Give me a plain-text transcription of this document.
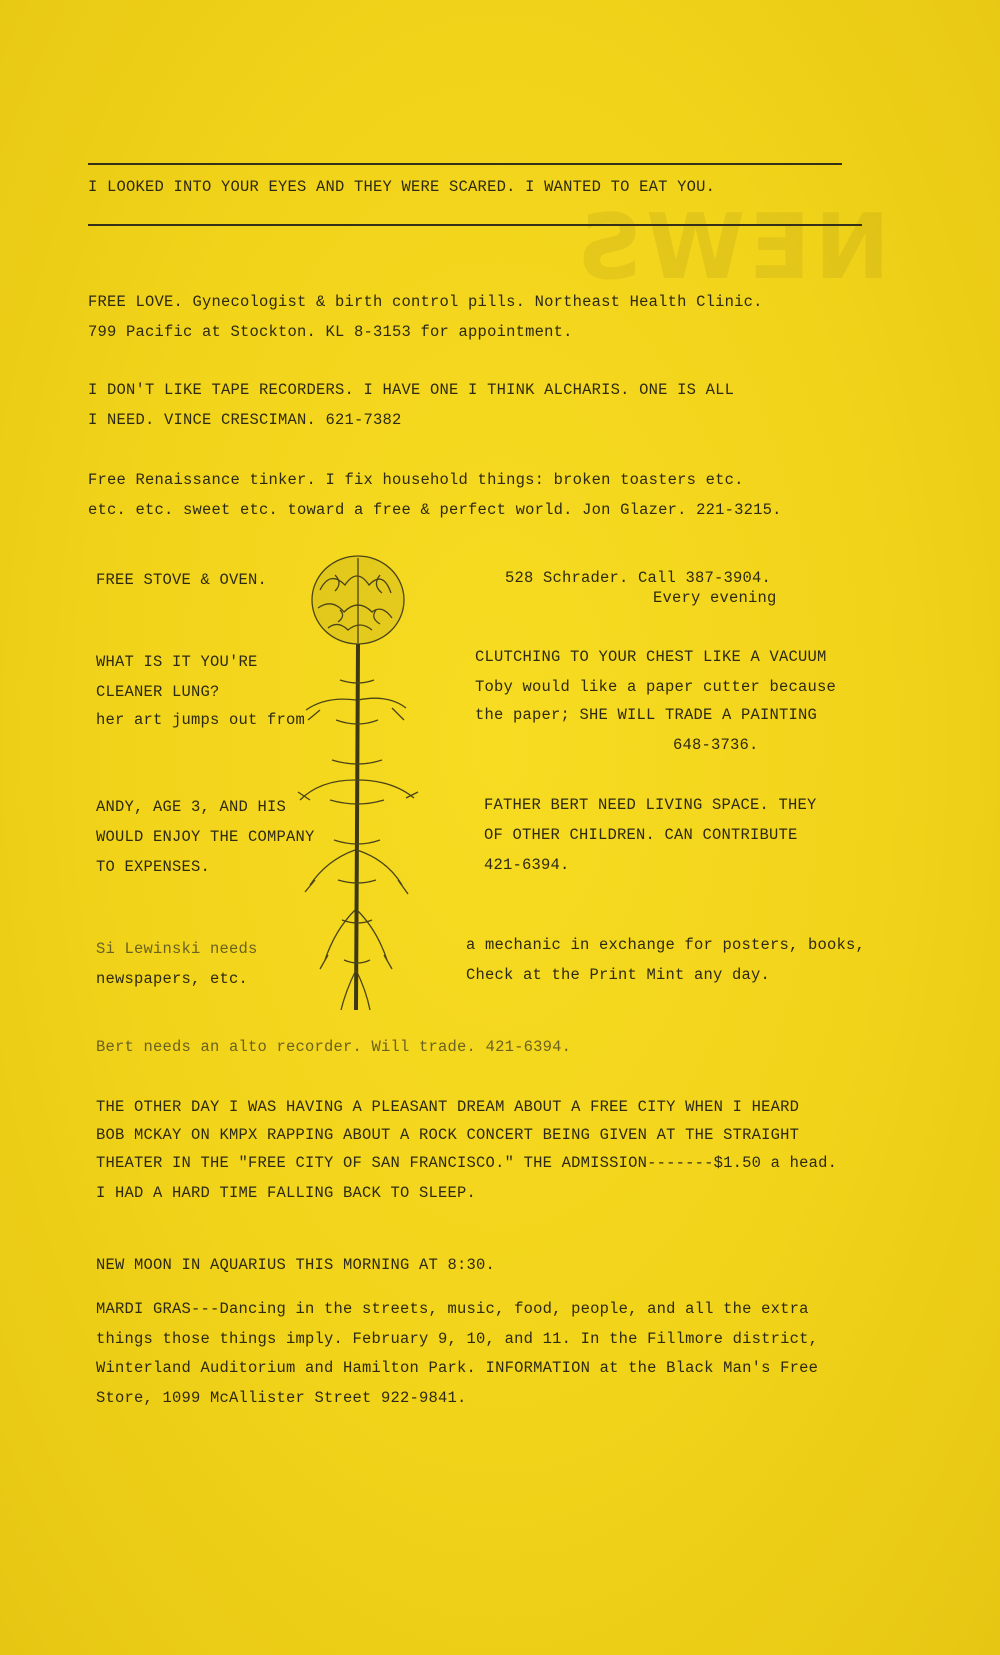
NEWS
I LOOKED INTO YOUR EYES AND THEY WERE SCARED. I WANTED TO EAT YOU.
FREE LOVE. Gynecologist & birth control pills. Northeast Health Clinic.
799 Pacific at Stockton. KL 8-3153 for appointment.
I DON'T LIKE TAPE RECORDERS. I HAVE ONE I THINK ALCHARIS. ONE IS ALL
I NEED. VINCE CRESCIMAN. 621-7382
Free Renaissance tinker. I fix household things: broken toasters etc.
etc. etc. sweet etc. toward a free & perfect world. Jon Glazer. 221-3215.
FREE STOVE & OVEN.	528 Schrader. Call 387-3904.
Every evening
WHAT IS IT YOU'RE
CLEANER LUNG?
her art jumps out from
CLUTCHING TO YOUR CHEST LIKE A VACUUM
Toby would like a paper cutter because
the paper; SHE WILL TRADE A PAINTING
648-3736.
ANDY, AGE 3, AND HIS
WOULD ENJOY THE COMPANY
TO EXPENSES.
FATHER BERT NEED LIVING SPACE. THEY
OF OTHER CHILDREN. CAN CONTRIBUTE
421-6394.
Si Lewinski needs
newspapers, etc.
a mechanic in exchange for posters, books,
Check at the Print Mint any day.
Bert needs an alto recorder. Will trade. 421-6394.
THE OTHER DAY I WAS HAVING A PLEASANT DREAM ABOUT A FREE CITY WHEN I HEARD
BOB MCKAY ON KMPX RAPPING ABOUT A ROCK CONCERT BEING GIVEN AT THE STRAIGHT
THEATER IN THE "FREE CITY OF SAN FRANCISCO." THE ADMISSION-------$1.50 a head.
I HAD A HARD TIME FALLING BACK TO SLEEP.
NEW MOON IN AQUARIUS THIS MORNING AT 8:30.
MARDI GRAS---Dancing in the streets, music, food, people, and all the extra
things those things imply. February 9, 10, and 11. In the Fillmore district,
Winterland Auditorium and Hamilton Park. INFORMATION at the Black Man's Free
Store, 1099 McAllister Street 922-9841.
